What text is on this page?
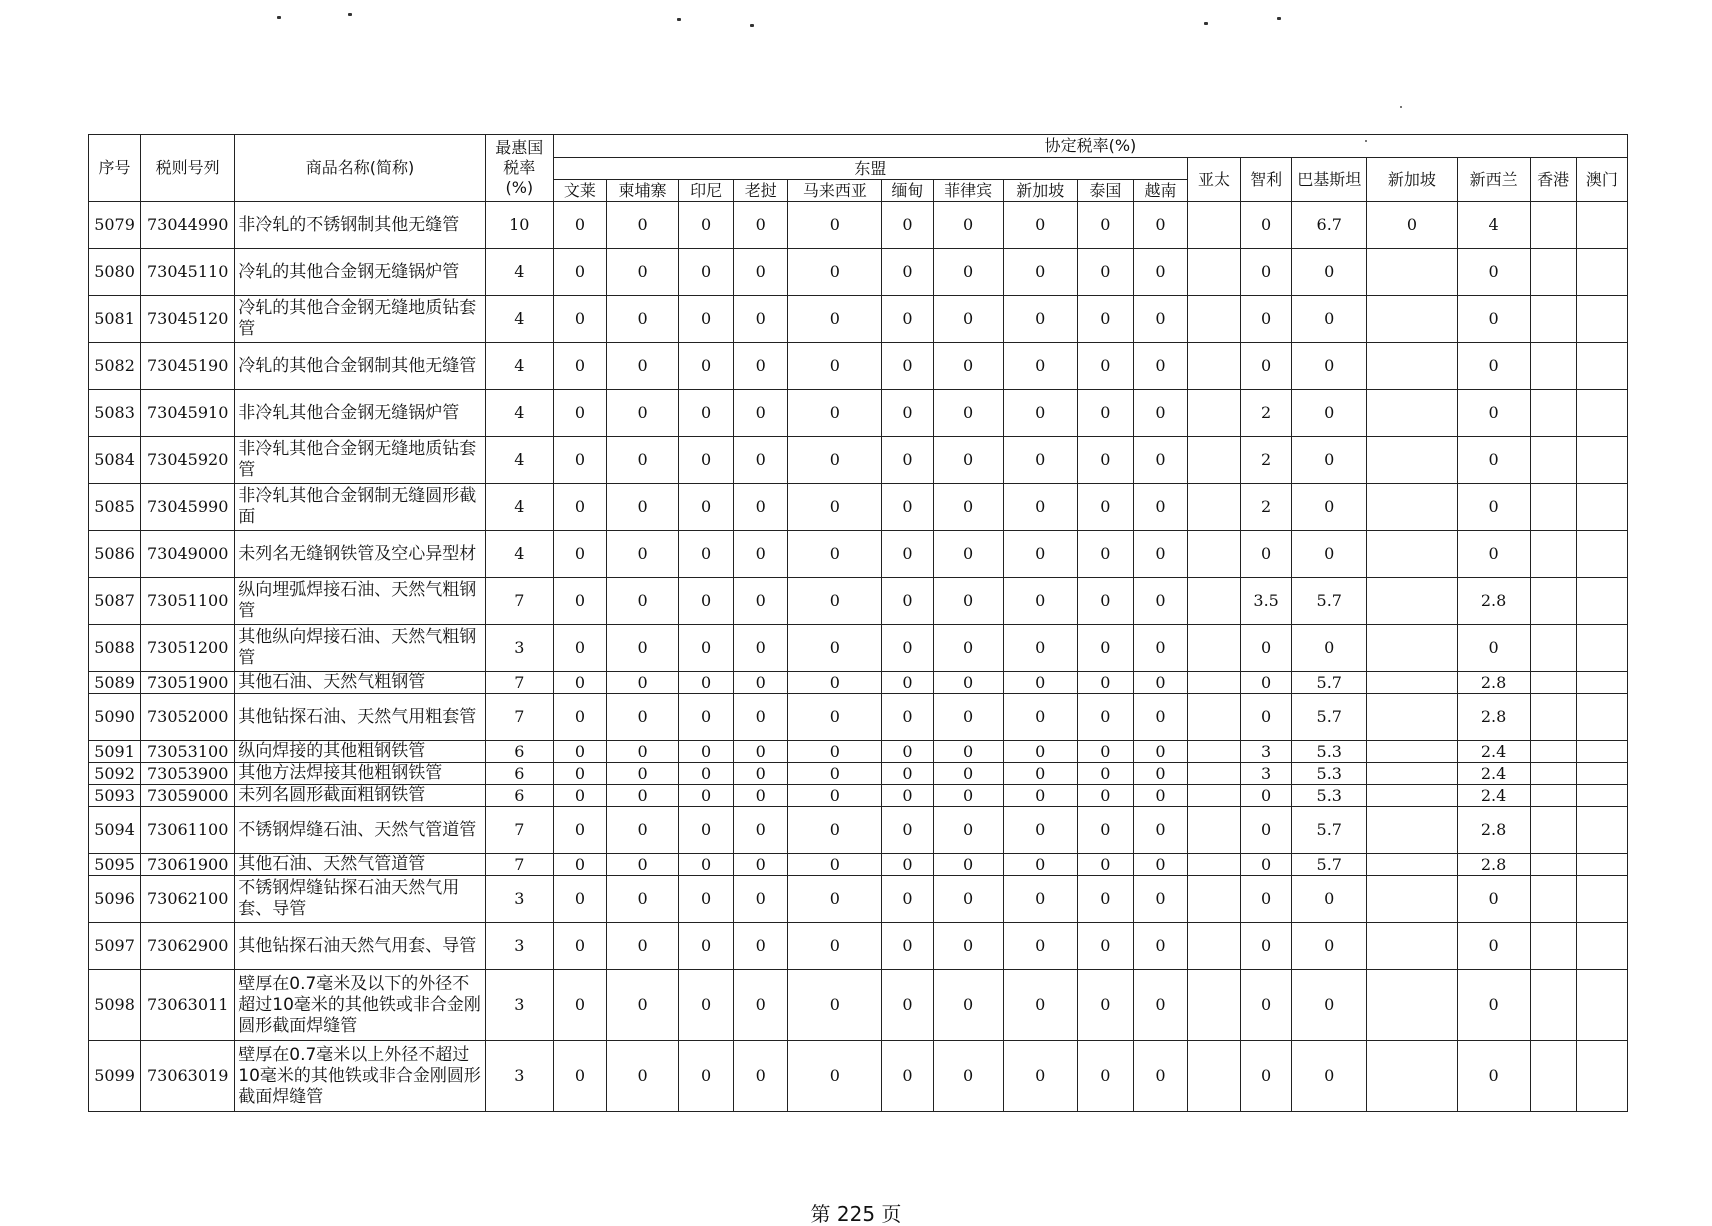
序号	税则号列	商品名称(简称)	最惠国
税率
(%)	协定税率(%)																
				东盟										亚太	智利	巴基斯坦	新加坡	新西兰	香港	澳门
				文莱	柬埔寨	印尼	老挝	马来西亚	缅甸	菲律宾	新加坡	泰国	越南							
5079	73044990	非冷轧的不锈钢制其他无缝管	10	0	0	0	0	0	0	0	0	0	0		0	6.7	0	4		
5080	73045110	冷轧的其他合金钢无缝锅炉管	4	0	0	0	0	0	0	0	0	0	0		0	0		0		
5081	73045120	冷轧的其他合金钢无缝地质钻套管	4	0	0	0	0	0	0	0	0	0	0		0	0		0		
5082	73045190	冷轧的其他合金钢制其他无缝管	4	0	0	0	0	0	0	0	0	0	0		0	0		0		
5083	73045910	非冷轧其他合金钢无缝锅炉管	4	0	0	0	0	0	0	0	0	0	0		2	0		0		
5084	73045920	非冷轧其他合金钢无缝地质钻套管	4	0	0	0	0	0	0	0	0	0	0		2	0		0		
5085	73045990	非冷轧其他合金钢制无缝圆形截面	4	0	0	0	0	0	0	0	0	0	0		2	0		0		
5086	73049000	未列名无缝钢铁管及空心异型材	4	0	0	0	0	0	0	0	0	0	0		0	0		0		
5087	73051100	纵向埋弧焊接石油、天然气粗钢管	7	0	0	0	0	0	0	0	0	0	0		3.5	5.7		2.8		
5088	73051200	其他纵向焊接石油、天然气粗钢管	3	0	0	0	0	0	0	0	0	0	0		0	0		0		
5089	73051900	其他石油、天然气粗钢管	7	0	0	0	0	0	0	0	0	0	0		0	5.7		2.8		
5090	73052000	其他钻探石油、天然气用粗套管	7	0	0	0	0	0	0	0	0	0	0		0	5.7		2.8		
5091	73053100	纵向焊接的其他粗钢铁管	6	0	0	0	0	0	0	0	0	0	0		3	5.3		2.4		
5092	73053900	其他方法焊接其他粗钢铁管	6	0	0	0	0	0	0	0	0	0	0		3	5.3		2.4		
5093	73059000	未列名圆形截面粗钢铁管	6	0	0	0	0	0	0	0	0	0	0		0	5.3		2.4		
5094	73061100	不锈钢焊缝石油、天然气管道管	7	0	0	0	0	0	0	0	0	0	0		0	5.7		2.8		
5095	73061900	其他石油、天然气管道管	7	0	0	0	0	0	0	0	0	0	0		0	5.7		2.8		
5096	73062100	不锈钢焊缝钻探石油天然气用套、导管	3	0	0	0	0	0	0	0	0	0	0		0	0		0		
5097	73062900	其他钻探石油天然气用套、导管	3	0	0	0	0	0	0	0	0	0	0		0	0		0		
5098	73063011	壁厚在0.7毫米及以下的外径不超过10毫米的其他铁或非合金刚圆形截面焊缝管	3	0	0	0	0	0	0	0	0	0	0		0	0		0		
5099	73063019	壁厚在0.7毫米以上外径不超过10毫米的其他铁或非合金刚圆形截面焊缝管	3	0	0	0	0	0	0	0	0	0	0		0	0		0		
第 225 页
